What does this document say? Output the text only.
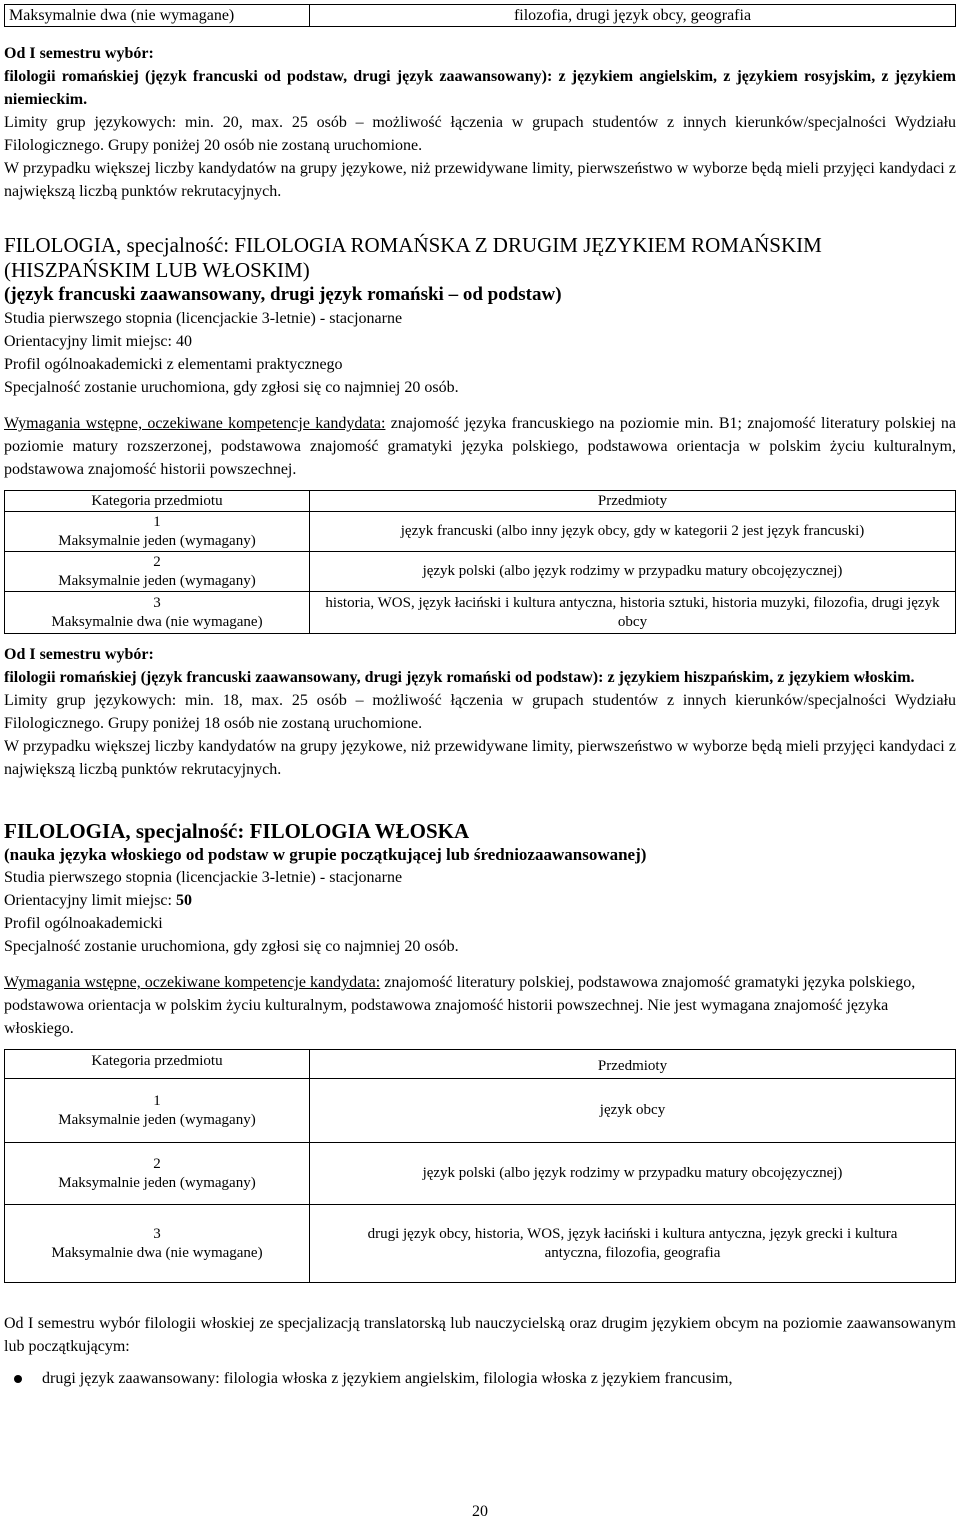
Maksymalnie dwa (nie wymagane)	filozofia, drugi język obcy, geografia

Od I semestru wybór:

filologii romańskiej (język francuski od podstaw, drugi język zaawansowany): z językiem angielskim, z językiem rosyjskim, z językiem niemieckim.

Limity grup językowych: min. 20, max. 25 osób – możliwość łączenia w grupach studentów z innych kierunków/specjalności Wydziału Filologicznego. Grupy poniżej 20 osób nie zostaną uruchomione.

W przypadku większej liczby kandydatów na grupy językowe, niż przewidywane limity, pierwszeństwo w wyborze będą mieli przyjęci kandydaci z największą liczbą punktów rekrutacyjnych.

FILOLOGIA, specjalność: FILOLOGIA ROMAŃSKA Z DRUGIM JĘZYKIEM ROMAŃSKIM (HISZPAŃSKIM LUB WŁOSKIM)

(język francuski zaawansowany, drugi język romański – od podstaw)

Studia pierwszego stopnia (licencjackie 3-letnie) - stacjonarne

Orientacyjny limit miejsc: 40

Profil ogólnoakademicki z elementami praktycznego

Specjalność zostanie uruchomiona, gdy zgłosi się co najmniej 20 osób.

Wymagania wstępne, oczekiwane kompetencje kandydata: znajomość języka francuskiego na poziomie min. B1; znajomość literatury polskiej na poziomie matury rozszerzonej, podstawowa znajomość gramatyki języka polskiego, podstawowa orientacja w polskim życiu kulturalnym, podstawowa znajomość historii powszechnej.

Kategoria przedmiotu	Przedmioty

1
Maksymalnie jeden (wymagany)	język francuski (albo inny język obcy, gdy w kategorii 2 jest język francuski)

2
Maksymalnie jeden (wymagany)	język polski (albo język rodzimy w przypadku matury obcojęzycznej)

3
Maksymalnie dwa (nie wymagane)	historia, WOS, język łaciński i kultura antyczna, historia sztuki, historia muzyki, filozofia, drugi język obcy

Od I semestru wybór:

filologii romańskiej (język francuski zaawansowany, drugi język romański od podstaw): z językiem hiszpańskim, z językiem włoskim.

Limity grup językowych: min. 18, max. 25 osób – możliwość łączenia w grupach studentów z innych kierunków/specjalności Wydziału Filologicznego. Grupy poniżej 18 osób nie zostaną uruchomione.

W przypadku większej liczby kandydatów na grupy językowe, niż przewidywane limity, pierwszeństwo w wyborze będą mieli przyjęci kandydaci z największą liczbą punktów rekrutacyjnych.

FILOLOGIA, specjalność: FILOLOGIA WŁOSKA

(nauka języka włoskiego od podstaw w grupie początkującej lub średniozaawansowanej)

Studia pierwszego stopnia (licencjackie 3-letnie) - stacjonarne

Orientacyjny limit miejsc: 50

Profil ogólnoakademicki

Specjalność zostanie uruchomiona, gdy zgłosi się co najmniej 20 osób.

Wymagania wstępne, oczekiwane kompetencje kandydata: znajomość literatury polskiej, podstawowa znajomość gramatyki języka polskiego, podstawowa orientacja w polskim życiu kulturalnym, podstawowa znajomość historii powszechnej. Nie jest wymagana znajomość języka włoskiego.

Kategoria przedmiotu	Przedmioty

1
Maksymalnie jeden (wymagany)	język obcy

2
Maksymalnie jeden (wymagany)	język polski (albo język rodzimy w przypadku matury obcojęzycznej)

3
Maksymalnie dwa (nie wymagane)	drugi język obcy, historia, WOS, język łaciński i kultura antyczna, język grecki i kultura antyczna, filozofia, geografia

Od I semestru wybór filologii włoskiej ze specjalizacją translatorską lub nauczycielską oraz drugim językiem obcym na poziomie zaawansowanym lub początkującym:

drugi język zaawansowany: filologia włoska z językiem angielskim, filologia włoska z językiem francusim,
20
